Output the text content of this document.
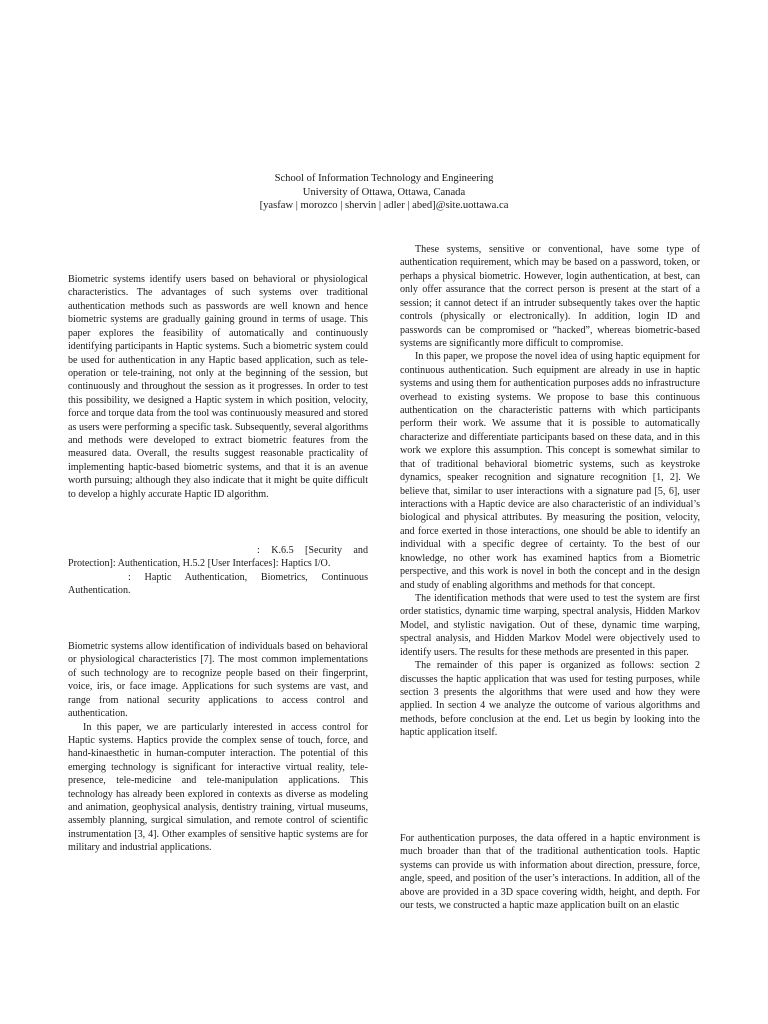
School of Information Technology and Engineering
University of Ottawa, Ottawa, Canada
[yasfaw | morozco | shervin | adler | abed]@site.uottawa.ca

Biometric systems identify users based on behavioral or physiological characteristics. The advantages of such systems over traditional authentication methods such as passwords are well known and hence biometric systems are gradually gaining ground in terms of usage. This paper explores the feasibility of automatically and continuously identifying participants in Haptic systems. Such a biometric system could be used for authentication in any Haptic based application, such as tele-operation or tele-training, not only at the beginning of the session, but continuously and throughout the session as it progresses. In order to test this possibility, we designed a Haptic system in which position, velocity, force and torque data from the tool was continuously measured and stored as users were performing a specific task. Subsequently, several algorithms and methods were developed to extract biometric features from the measured data. Overall, the results suggest reasonable practicality of implementing haptic-based biometric systems, and that it is an avenue worth pursuing; although they also indicate that it might be quite difficult to develop a highly accurate Haptic ID algorithm.

: K.6.5 [Security and Protection]: Authentication, H.5.2 [User Interfaces]: Haptics I/O.

: Haptic Authentication, Biometrics, Continuous Authentication.

Biometric systems allow identification of individuals based on behavioral or physiological characteristics [7]. The most common implementations of such technology are to recognize people based on their fingerprint, voice, iris, or face image. Applications for such systems are vast, and range from national security applications to access control and authentication.

In this paper, we are particularly interested in access control for Haptic systems. Haptics provide the complex sense of touch, force, and hand-kinaesthetic in human-computer interaction. The potential of this emerging technology is significant for interactive virtual reality, tele-presence, tele-medicine and tele-manipulation applications. This technology has already been explored in contexts as diverse as modeling and animation, geophysical analysis, dentistry training, virtual museums, assembly planning, surgical simulation, and remote control of scientific instrumentation [3, 4]. Other examples of sensitive haptic systems are for military and industrial applications.

These systems, sensitive or conventional, have some type of authentication requirement, which may be based on a password, token, or perhaps a physical biometric. However, login authentication, at best, can only offer assurance that the correct person is present at the start of a session; it cannot detect if an intruder subsequently takes over the haptic controls (physically or electronically). In addition, login ID and passwords can be compromised or “hacked”, whereas biometric-based systems are significantly more difficult to compromise.

In this paper, we propose the novel idea of using haptic equipment for continuous authentication. Such equipment are already in use in haptic systems and using them for authentication purposes adds no infrastructure overhead to existing systems. We propose to base this continuous authentication on the characteristic patterns with which participants perform their work. We assume that it is possible to automatically characterize and differentiate participants based on these data, and in this work we explore this assumption. This concept is somewhat similar to that of traditional behavioral biometric systems, such as keystroke dynamics, speaker recognition and signature recognition [1, 2]. We believe that, similar to user interactions with a signature pad [5, 6], user interactions with a Haptic device are also characteristic of an individual’s biological and physical attributes. By measuring the position, velocity, and force exerted in those interactions, one should be able to identify an individual with a specific degree of certainty. To the best of our knowledge, no other work has examined haptics from a Biometric perspective, and this work is novel in both the concept and in the design and study of enabling algorithms and methods for that concept.

The identification methods that were used to test the system are first order statistics, dynamic time warping, spectral analysis, Hidden Markov Model, and stylistic navigation. Out of these, dynamic time warping, spectral analysis, and Hidden Markov Model were objectively used to identify users. The results for these methods are presented in this paper.

The remainder of this paper is organized as follows: section 2 discusses the haptic application that was used for testing purposes, while section 3 presents the algorithms that were used and how they were applied. In section 4 we analyze the outcome of various algorithms and methods, before conclusion at the end. Let us begin by looking into the haptic application itself.

For authentication purposes, the data offered in a haptic environment is much broader than that of the traditional authentication tools. Haptic systems can provide us with information about direction, pressure, force, angle, speed, and position of the user’s interactions. In addition, all of the above are provided in a 3D space covering width, height, and depth. For our tests, we constructed a haptic maze application built on an elastic
